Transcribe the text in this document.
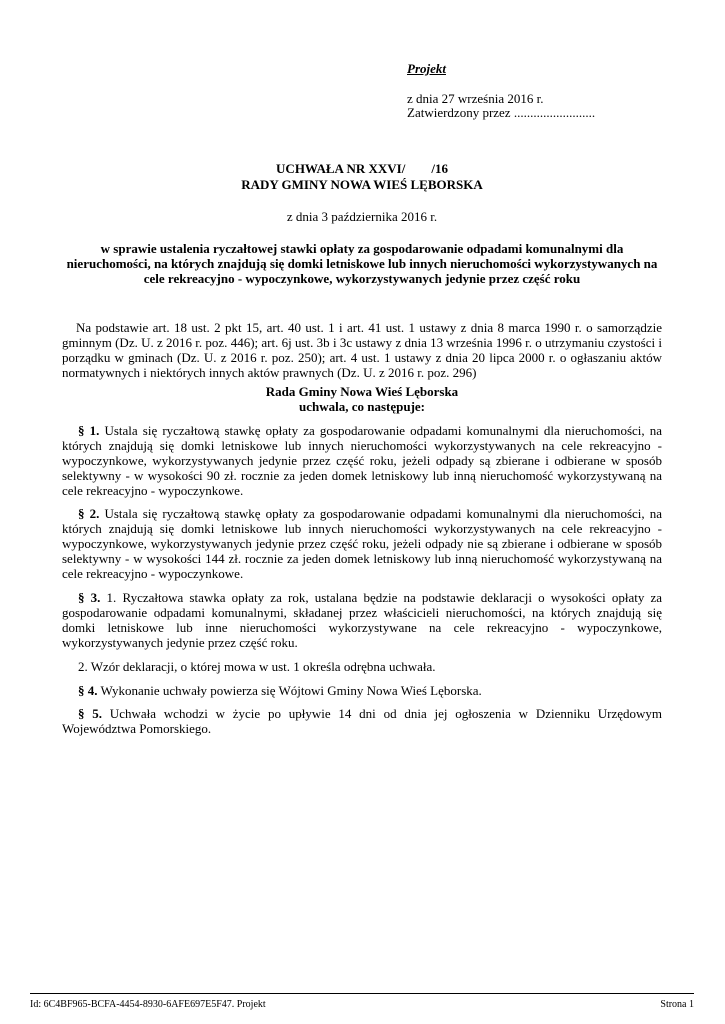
Projekt
z dnia 27 września 2016 r.
Zatwierdzony przez .........................
UCHWAŁA NR XXVI/        /16
RADY GMINY NOWA WIEŚ LĘBORSKA
z dnia 3 października 2016 r.
w sprawie ustalenia ryczałtowej stawki opłaty za gospodarowanie odpadami komunalnymi dla nieruchomości, na których znajdują się domki letniskowe lub innych nieruchomości wykorzystywanych na cele rekreacyjno - wypoczynkowe, wykorzystywanych jedynie przez część roku
Na podstawie art. 18 ust. 2 pkt 15, art. 40 ust. 1 i art. 41 ust. 1 ustawy z dnia 8 marca 1990 r. o samorządzie gminnym (Dz. U. z 2016 r. poz. 446); art. 6j ust. 3b i 3c ustawy z dnia 13 września 1996 r. o utrzymaniu czystości i porządku w gminach (Dz. U. z 2016 r. poz. 250); art. 4 ust. 1 ustawy z dnia 20 lipca 2000 r. o ogłaszaniu aktów normatywnych i niektórych innych aktów prawnych (Dz. U. z 2016 r. poz. 296)
Rada Gminy Nowa Wieś Lęborska
uchwala, co następuje:
§ 1. Ustala się ryczałtową stawkę opłaty za gospodarowanie odpadami komunalnymi dla nieruchomości, na których znajdują się domki letniskowe lub innych nieruchomości wykorzystywanych na cele rekreacyjno - wypoczynkowe, wykorzystywanych jedynie przez część roku, jeżeli odpady są zbierane i odbierane w sposób selektywny - w wysokości 90 zł. rocznie za jeden domek letniskowy lub inną nieruchomość wykorzystywaną na cele rekreacyjno - wypoczynkowe.
§ 2. Ustala się ryczałtową stawkę opłaty za gospodarowanie odpadami komunalnymi dla nieruchomości, na których znajdują się domki letniskowe lub innych nieruchomości wykorzystywanych na cele rekreacyjno - wypoczynkowe, wykorzystywanych jedynie przez część roku, jeżeli odpady nie są zbierane i odbierane w sposób selektywny - w wysokości 144 zł. rocznie za jeden domek letniskowy lub inną nieruchomość wykorzystywaną na cele rekreacyjno - wypoczynkowe.
§ 3. 1. Ryczałtowa stawka opłaty za rok, ustalana będzie na podstawie deklaracji o wysokości opłaty za gospodarowanie odpadami komunalnymi, składanej przez właścicieli nieruchomości, na których znajdują się domki letniskowe lub inne nieruchomości wykorzystywane na cele rekreacyjno - wypoczynkowe, wykorzystywanych jedynie przez część roku.
2. Wzór deklaracji, o której mowa w ust. 1 określa odrębna uchwała.
§ 4. Wykonanie uchwały powierza się Wójtowi Gminy Nowa Wieś Lęborska.
§ 5. Uchwała wchodzi w życie po upływie 14 dni od dnia jej ogłoszenia w Dzienniku Urzędowym Województwa Pomorskiego.
Id: 6C4BF965-BCFA-4454-8930-6AFE697E5F47. Projekt	Strona 1
